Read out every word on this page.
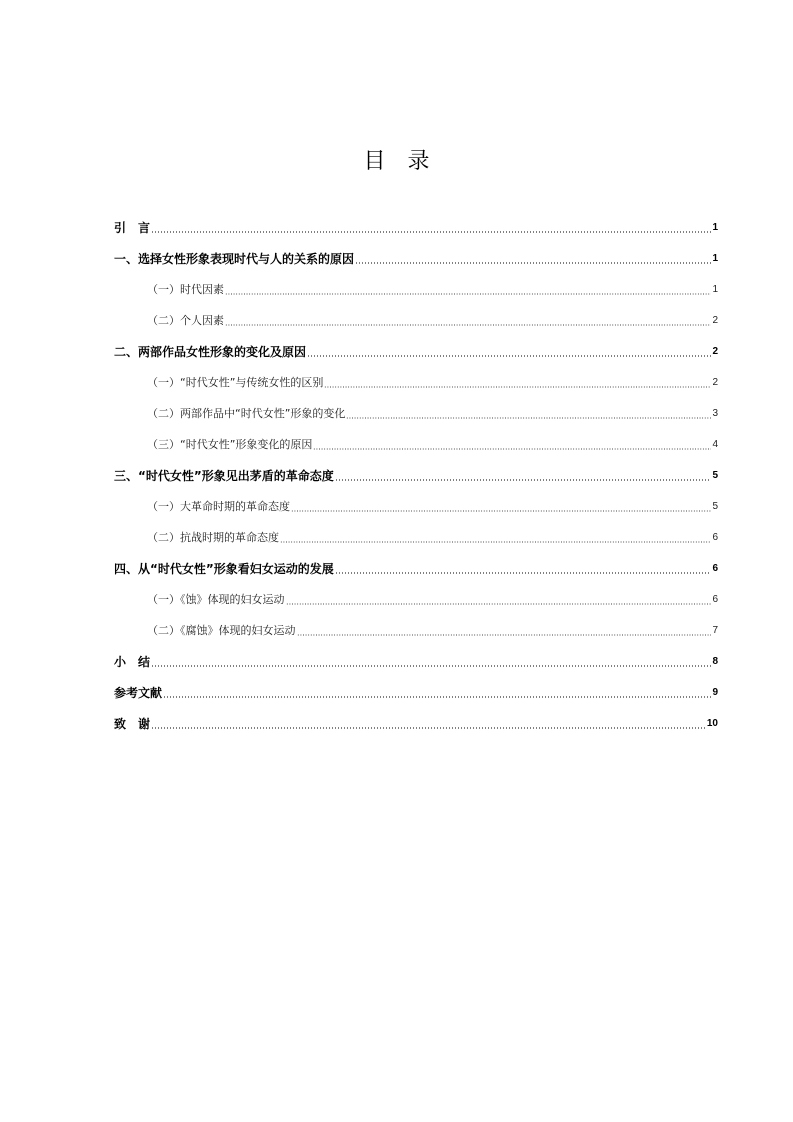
目　录
引　言	1
一、选择女性形象表现时代与人的关系的原因	1
（一）时代因素	1
（二）个人因素	2
二、两部作品女性形象的变化及原因	2
（一）“时代女性”与传统女性的区别	2
（二）两部作品中“时代女性”形象的变化	3
（三）“时代女性”形象变化的原因	4
三、“时代女性”形象见出茅盾的革命态度	5
（一）大革命时期的革命态度	5
（二）抗战时期的革命态度	6
四、从“时代女性”形象看妇女运动的发展	6
（一）《蚀》体现的妇女运动	6
（二）《腐蚀》体现的妇女运动	7
小　结	8
参考文献	9
致　谢	10
